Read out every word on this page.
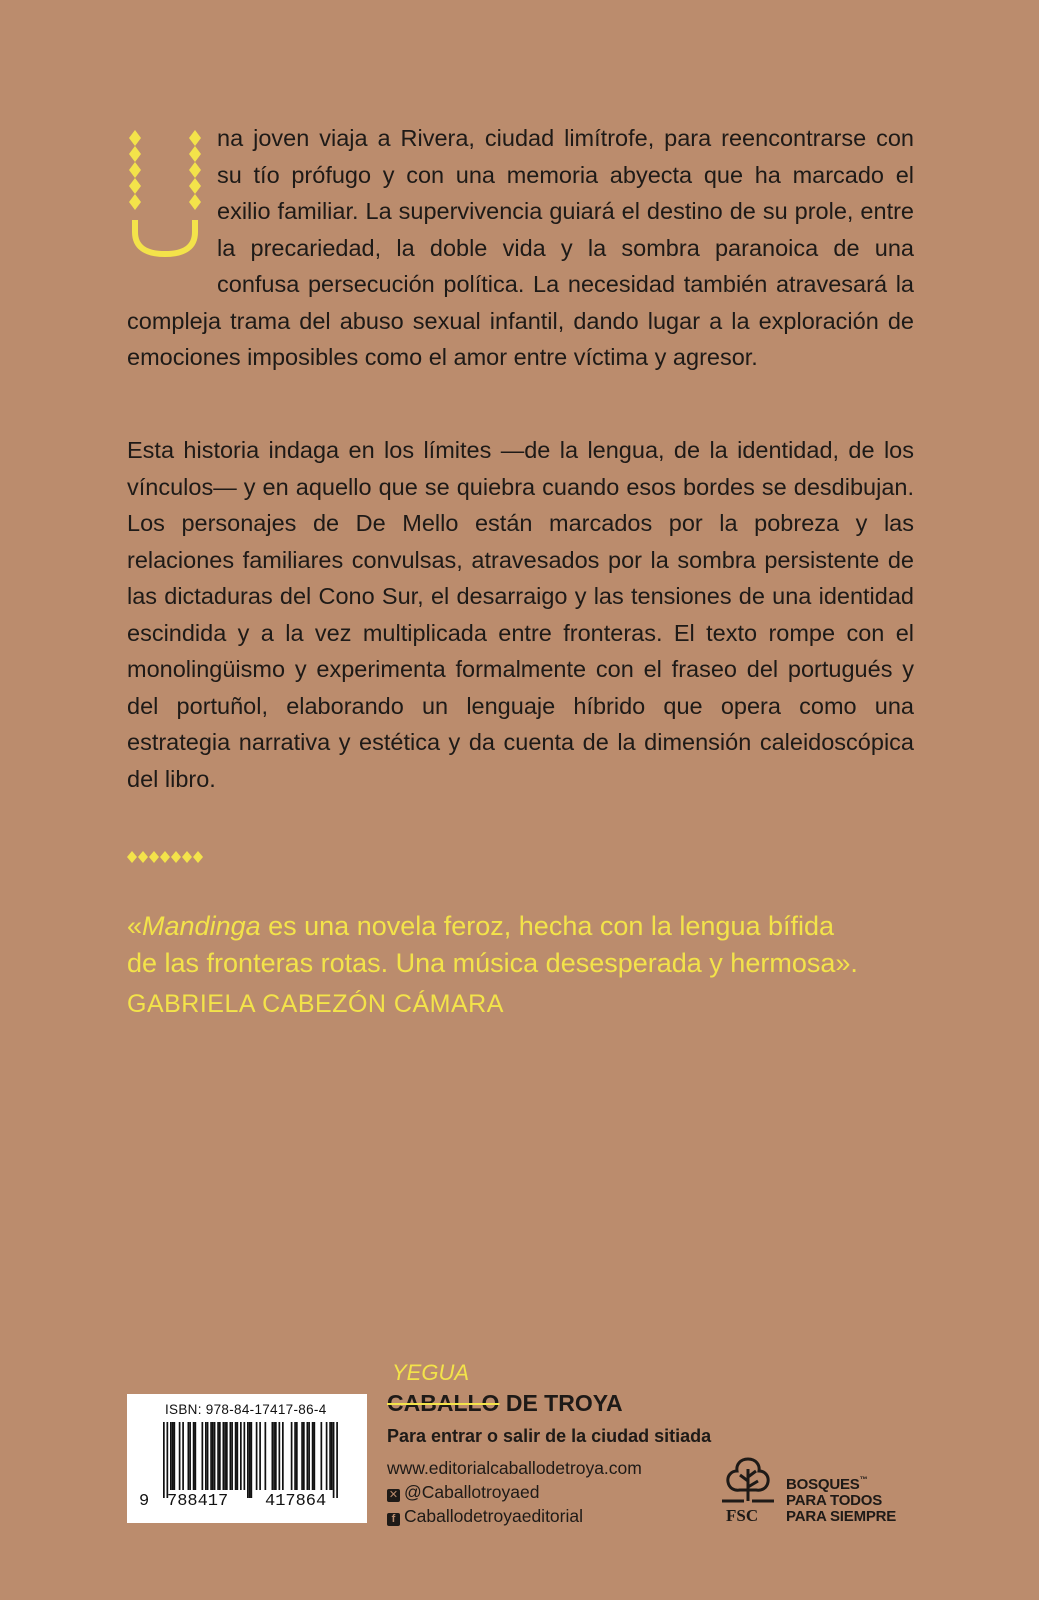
na joven viaja a Rivera, ciudad limítrofe, para reencontrarse con su tío prófugo y con una memoria abyecta que ha marcado el exilio familiar. La supervivencia guiará el destino de su prole, entre la precariedad, la doble vida y la sombra paranoica de una confusa persecución política. La necesidad también atravesará la compleja trama del abuso sexual infantil, dando lugar a la exploración de emociones imposibles como el amor entre víctima y agresor.

Esta historia indaga en los límites —de la lengua, de la identidad, de los vínculos— y en aquello que se quiebra cuando esos bordes se desdibujan. Los personajes de De Mello están marcados por la pobreza y las relaciones familiares convulsas, atravesados por la sombra persistente de las dictaduras del Cono Sur, el desarraigo y las tensiones de una identidad escindida y a la vez multiplicada entre fronteras. El texto rompe con el monolingüismo y experimenta formalmente con el fraseo del portugués y del portuñol, elaborando un lenguaje híbrido que opera como una estrategia narrativa y estética y da cuenta de la dimensión caleidoscópica del libro.

«Mandinga es una novela feroz, hecha con la lengua bífida
de las fronteras rotas. Una música desesperada y hermosa».

GABRIELA CABEZÓN CÁMARA
ISBN: 978-84-17417-86-4
9 788417 417864
YEGUA
CABALLO DE TROYA
Para entrar o salir de la ciudad sitiada
www.editorialcaballodetroya.com
✕ @Caballotroyaed
f Caballodetroyaeditorial	FSC
BOSQUES™
PARA TODOS
PARA SIEMPRE
